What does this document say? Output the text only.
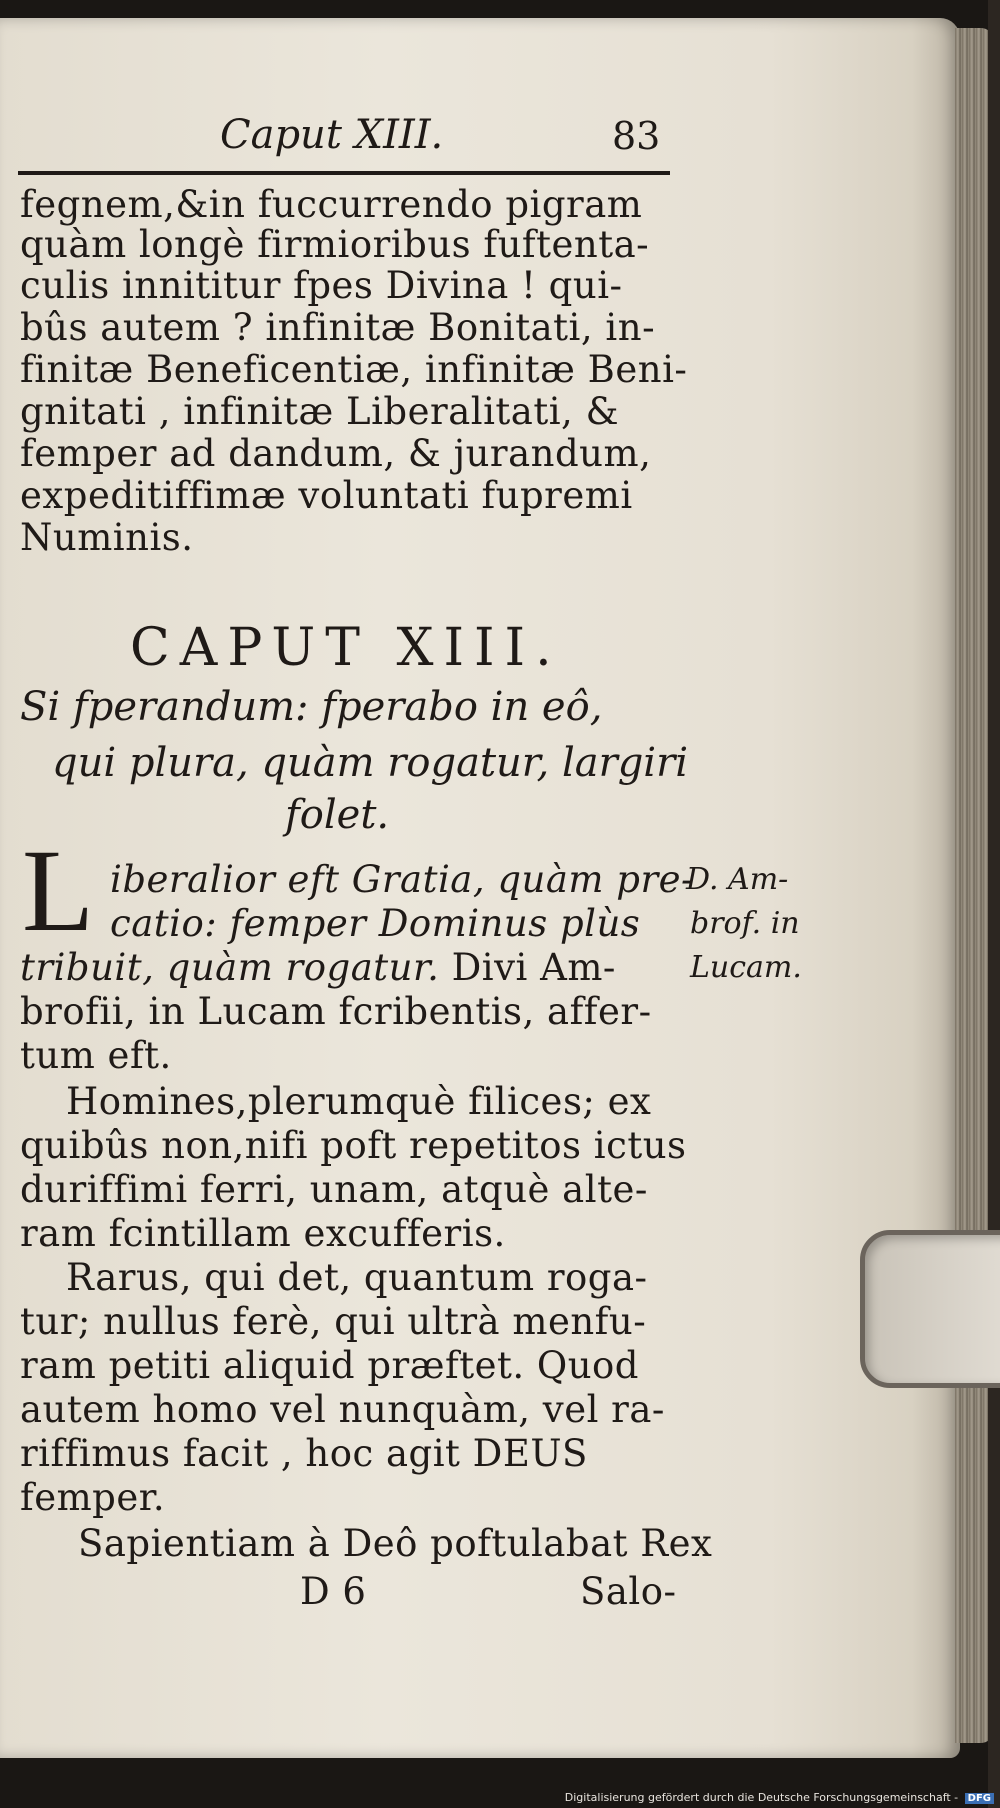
Caput XIII.	83
fegnem,&in fuccurrendo pigram
quàm longè firmioribus fuftenta-
culis innititur fpes Divina ! qui-
bûs autem ? infinitæ Bonitati, in-
finitæ Beneficentiæ, infinitæ Beni-
gnitati , infinitæ Liberalitati, &
femper ad dandum, & jurandum,
expeditiffimæ voluntati fupremi
Numinis.
CAPUT XIII.
Si fperandum: fperabo in eô,
qui plura, quàm rogatur, largiri
folet.
L iberalior eft Gratia, quàm pre-
catio: femper Dominus plùs
tribuit, quàm rogatur. Divi Am-
brofii, in Lucam fcribentis, affer-
tum eft.
D. Am-
brof. in
Lucam.
Homines,plerumquè filices; ex
quibûs non,nifi poft repetitos ictus
duriffimi ferri, unam, atquè alte-
ram fcintillam excufferis.
Rarus, qui det, quantum roga-
tur; nullus ferè, qui ultrà menfu-
ram petiti aliquid præftet. Quod
autem homo vel nunquàm, vel ra-
riffimus facit , hoc agit DEUS
femper.
Sapientiam à Deô poftulabat Rex
D 6	Salo-
Digitalisierung gefördert durch die Deutsche Forschungsgemeinschaft - DFG
